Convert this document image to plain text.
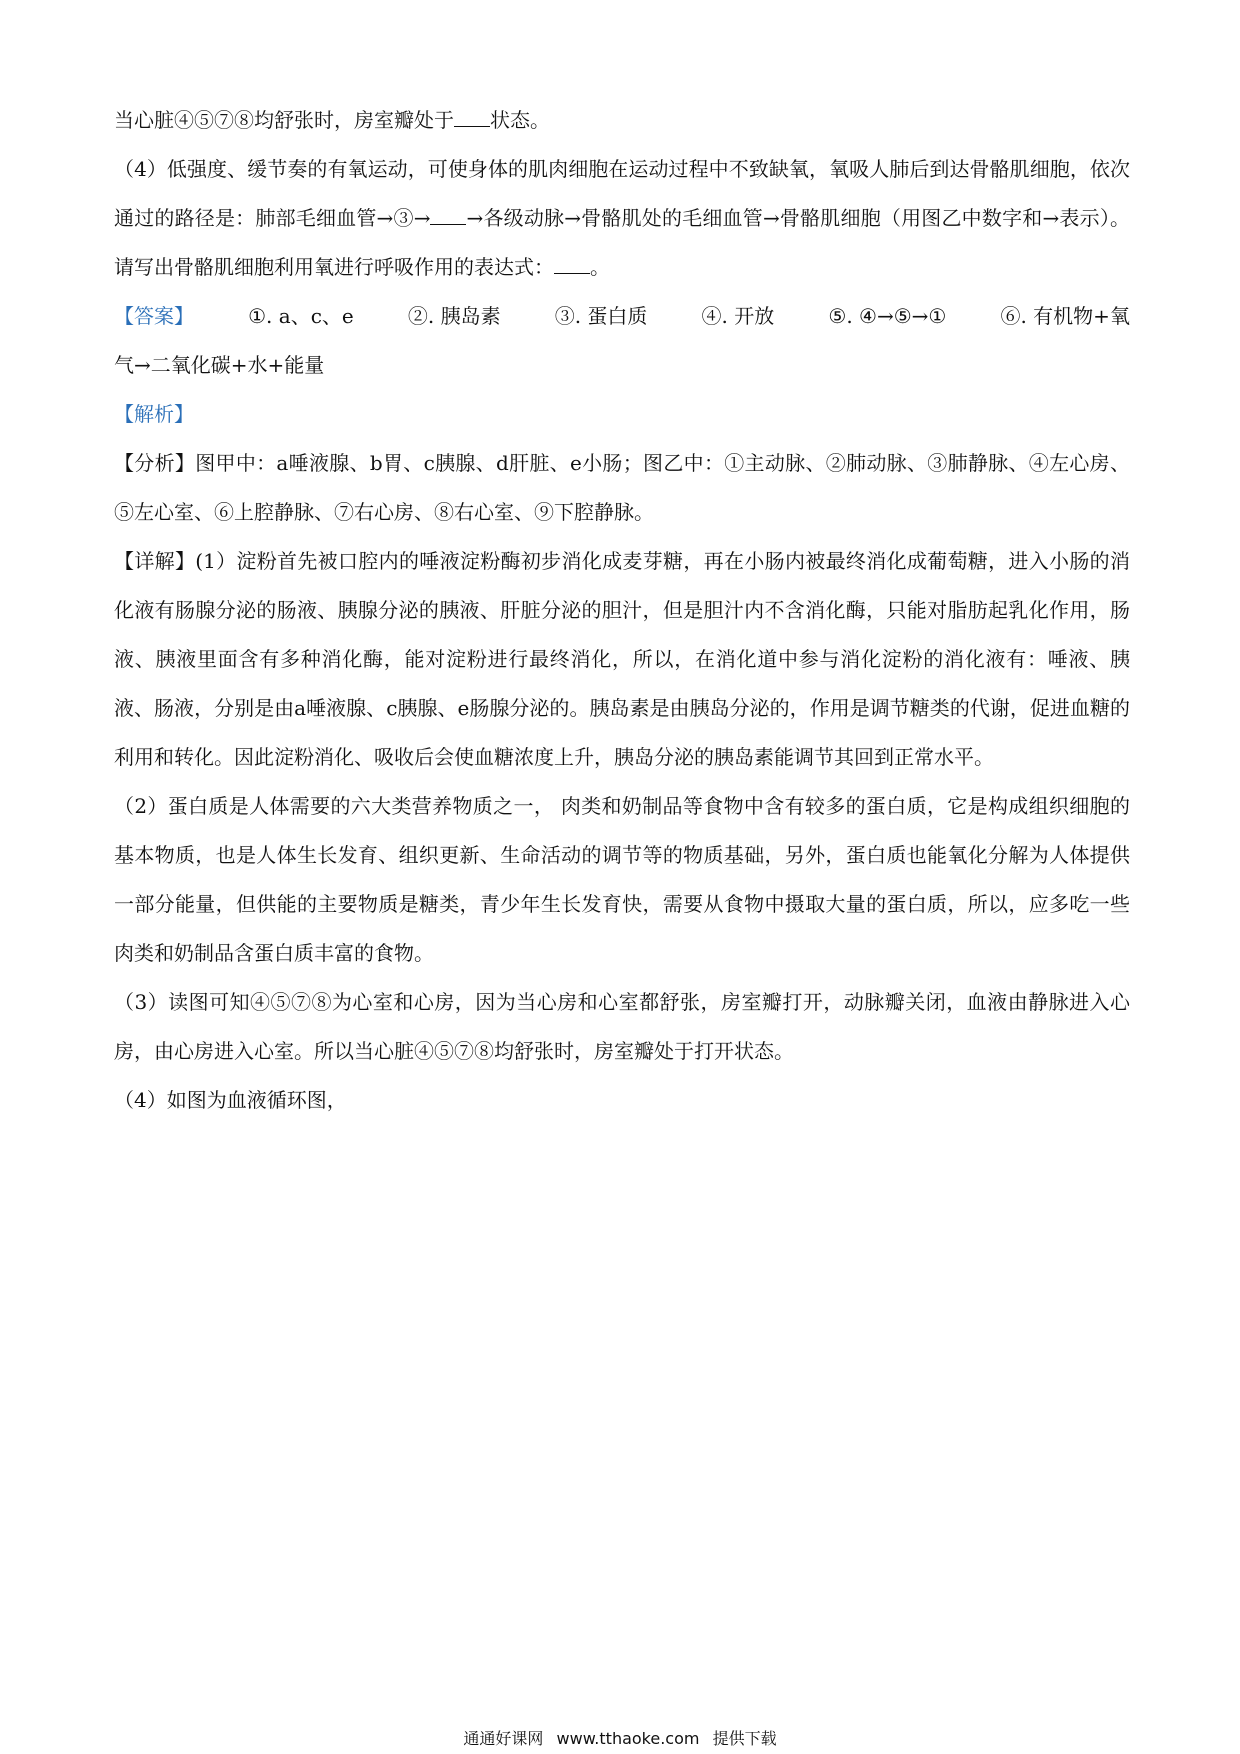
当心脏④⑤⑦⑧均舒张时，房室瓣处于 状态。

（4）低强度、缓节奏的有氧运动，可使身体的肌肉细胞在运动过程中不致缺氧，氧吸人肺后到达骨骼肌细胞，依次通过的路径是：肺部毛细血管→③→ →各级动脉→骨骼肌处的毛细血管→骨骼肌细胞（用图乙中数字和→表示）。请写出骨骼肌细胞利用氧进行呼吸作用的表达式： 。

【答案】	①. a、c、e	②. 胰岛素	③. 蛋白质	④. 开放	⑤. ④→⑤→①	⑥. 有机物+氧

气→二氧化碳+水+能量

【解析】

【分析】图甲中：a唾液腺、b胃、c胰腺、d肝脏、e小肠；图乙中：①主动脉、②肺动脉、③肺静脉、④左心房、⑤左心室、⑥上腔静脉、⑦右心房、⑧右心室、⑨下腔静脉。

【详解】(1）淀粉首先被口腔内的唾液淀粉酶初步消化成麦芽糖，再在小肠内被最终消化成葡萄糖，进入小肠的消化液有肠腺分泌的肠液、胰腺分泌的胰液、肝脏分泌的胆汁，但是胆汁内不含消化酶，只能对脂肪起乳化作用，肠液、胰液里面含有多种消化酶，能对淀粉进行最终消化，所以，在消化道中参与消化淀粉的消化液有：唾液、胰液、肠液，分别是由a唾液腺、c胰腺、e肠腺分泌的。胰岛素是由胰岛分泌的，作用是调节糖类的代谢，促进血糖的利用和转化。因此淀粉消化、吸收后会使血糖浓度上升，胰岛分泌的胰岛素能调节其回到正常水平。

（2）蛋白质是人体需要的六大类营养物质之一， 肉类和奶制品等食物中含有较多的蛋白质，它是构成组织细胞的基本物质，也是人体生长发育、组织更新、生命活动的调节等的物质基础，另外，蛋白质也能氧化分解为人体提供一部分能量，但供能的主要物质是糖类，青少年生长发育快，需要从食物中摄取大量的蛋白质，所以，应多吃一些肉类和奶制品含蛋白质丰富的食物。

（3）读图可知④⑤⑦⑧为心室和心房，因为当心房和心室都舒张，房室瓣打开，动脉瓣关闭，血液由静脉进入心房，由心房进入心室。所以当心脏④⑤⑦⑧均舒张时，房室瓣处于打开状态。

（4）如图为血液循环图，

通通好课网 www.tthaoke.com 提供下载
